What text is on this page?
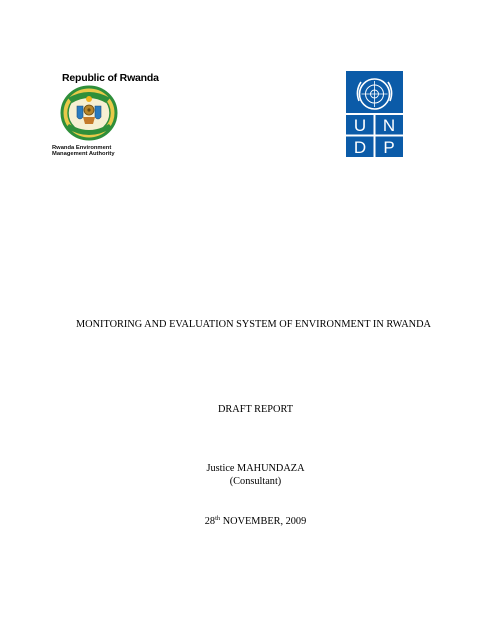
Republic of Rwanda
Rwanda Environment
Management Authority
U N
D P
MONITORING AND EVALUATION SYSTEM OF ENVIRONMENT IN RWANDA
DRAFT REPORT
Justice MAHUNDAZA
(Consultant)
28th NOVEMBER, 2009
